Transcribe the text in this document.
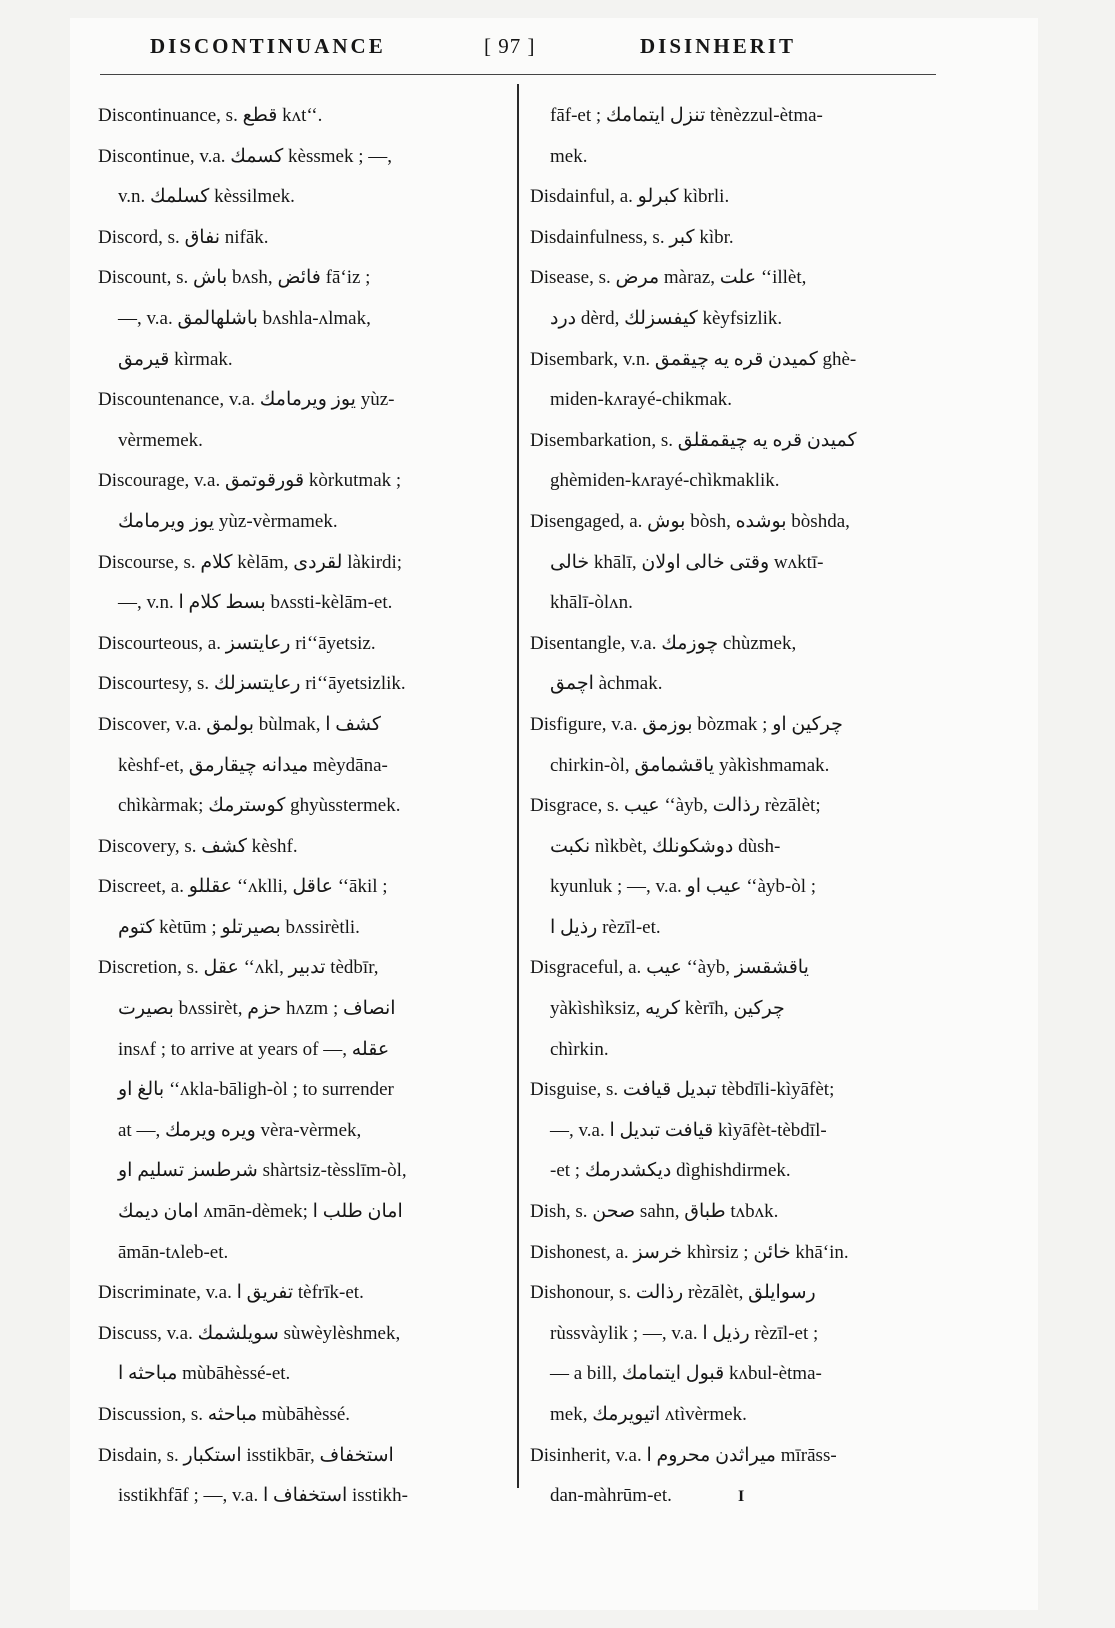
DISCONTINUANCE	[ 97 ]	DISINHERIT
Discontinuance, s. قطع kʌt‘‘.
Discontinue, v.a. كسمك kèssmek ; —,
v.n. كسلمك kèssilmek.
Discord, s. نفاق nifāk.
Discount, s. باش bʌsh, فائض fā‘iz ;
—, v.a. باشلهالمق bʌshla-ʌlmak,
قيرمق kìrmak.
Discountenance, v.a. يوز ويرمامك yùz-
vèrmemek.
Discourage, v.a. قورقوتمق kòrkutmak ;
يوز ويرمامك yùz-vèrmamek.
Discourse, s. كلام kèlām, لقردى làkirdi;
—, v.n. بسط كلام ا bʌssti-kèlām-et.
Discourteous, a. رعايتسز ri‘‘āyetsiz.
Discourtesy, s. رعايتسزلك ri‘‘āyetsizlik.
Discover, v.a. بولمق bùlmak, كشف ا
kèshf-et, ميدانه چيقارمق mèydāna-
chìkàrmak; كوسترمك ghyùsstermek.
Discovery, s. كشف kèshf.
Discreet, a. عقللو ‘‘ʌklli, عاقل ‘‘ākil ;
كتوم kètūm ; بصيرتلو bʌssirètli.
Discretion, s. عقل ‘‘ʌkl, تدبير tèdbīr,
بصيرت bʌssirèt, حزم hʌzm ; انصاف
insʌf ; to arrive at years of —, عقله
بالغ او ‘‘ʌkla-bāligh-òl ; to surrender
at —, ويره ويرمك vèra-vèrmek,
شرطسز تسليم او shàrtsiz-tèsslīm-òl,
امان ديمك ʌmān-dèmek; امان طلب ا
āmān-tʌleb-et.
Discriminate, v.a. تفريق ا tèfrīk-et.
Discuss, v.a. سويلشمك sùwèylèshmek,
مباحثه ا mùbāhèssé-et.
Discussion, s. مباحثه mùbāhèssé.
Disdain, s. استكبار isstikbār, استخفاف
isstikhfāf ; —, v.a. استخفاف ا isstikh-
fāf-et ; تنزل ايتمامك tènèzzul-ètma-
mek.
Disdainful, a. كبرلو kìbrli.
Disdainfulness, s. كبر kìbr.
Disease, s. مرض màraz, علت ‘‘illèt,
درد dèrd, كيفسزلك kèyfsizlik.
Disembark, v.n. كميدن قره يه چيقمق ghè-
miden-kʌrayé-chikmak.
Disembarkation, s. كميدن قره يه چيقمقلق
ghèmiden-kʌrayé-chìkmaklik.
Disengaged, a. بوش bòsh, بوشده bòshda,
خالى khālī, وقتى خالى اولان wʌktī-
khālī-òlʌn.
Disentangle, v.a. چوزمك chùzmek,
اچمق àchmak.
Disfigure, v.a. بوزمق bòzmak ; چركين او
chirkin-òl, ياقشمامق yàkìshmamak.
Disgrace, s. عيب ‘‘àyb, رذالت rèzālèt;
نكبت nìkbèt, دوشكونلك dùsh-
kyunluk ; —, v.a. عيب او ‘‘àyb-òl ;
رذيل ا rèzīl-et.
Disgraceful, a. عيب ‘‘àyb, ياقشقسز
yàkìshìksiz, كريه kèrīh, چركين
chìrkin.
Disguise, s. تبديل قيافت tèbdīli-kìyāfèt;
—, v.a. قيافت تبديل ا kìyāfèt-tèbdīl-
-et ; ديكشدرمك dìghishdirmek.
Dish, s. صحن sahn, طباق tʌbʌk.
Dishonest, a. خرسز khìrsiz ; خائن khā‘in.
Dishonour, s. رذالت rèzālèt, رسوايلق
rùssvàylik ; —, v.a. رذيل ا rèzīl-et ;
— a bill, قبول ايتمامك kʌbul-ètma-
mek, اتيويرمك ʌtìvèrmek.
Disinherit, v.a. ميراثدن محروم ا mīrāss-
dan-màhrūm-et.	I
